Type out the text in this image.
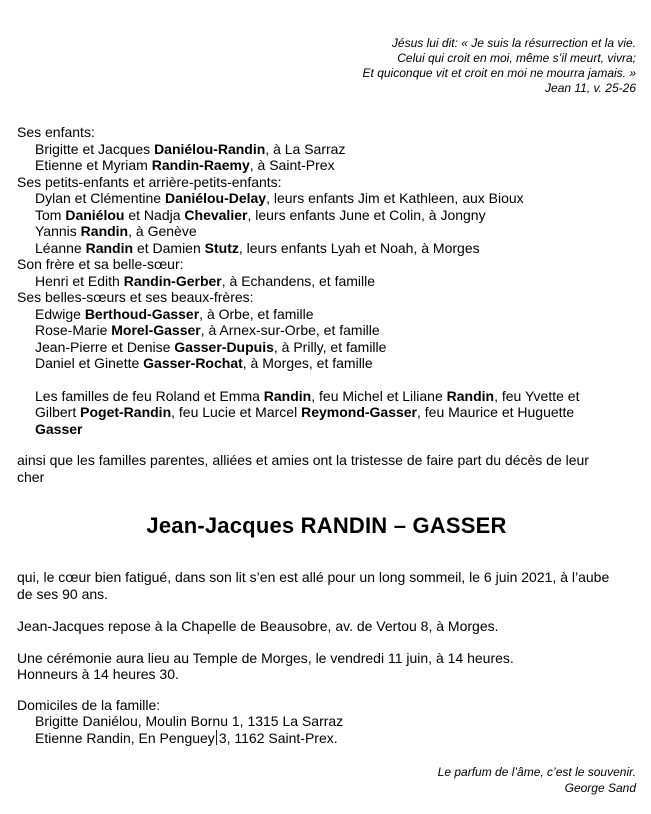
Jésus lui dit: « Je suis la résurrection et la vie.
Celui qui croit en moi, même s’il meurt, vivra;
Et quiconque vit et croit en moi ne mourra jamais. »
Jean 11, v. 25-26
Ses enfants:
Brigitte et Jacques Daniélou-Randin, à La Sarraz
Etienne et Myriam Randin-Raemy, à Saint-Prex
Ses petits-enfants et arrière-petits-enfants:
Dylan et Clémentine Daniélou-Delay, leurs enfants Jim et Kathleen, aux Bioux
Tom Daniélou et Nadja Chevalier, leurs enfants June et Colin, à Jongny
Yannis Randin, à Genève
Léanne Randin et Damien Stutz, leurs enfants Lyah et Noah, à Morges
Son frère et sa belle-sœur:
Henri et Edith Randin-Gerber, à Echandens, et famille
Ses belles-sœurs et ses beaux-frères:
Edwige Berthoud-Gasser, à Orbe, et famille
Rose-Marie Morel-Gasser, à Arnex-sur-Orbe, et famille
Jean-Pierre et Denise Gasser-Dupuis, à Prilly, et famille
Daniel et Ginette Gasser-Rochat, à Morges, et famille
Les familles de feu Roland et Emma Randin, feu Michel et Liliane Randin, feu Yvette et
Gilbert Poget-Randin, feu Lucie et Marcel Reymond-Gasser, feu Maurice et Huguette
Gasser
ainsi que les familles parentes, alliées et amies ont la tristesse de faire part du décès de leur
cher
Jean-Jacques RANDIN – GASSER
qui, le cœur bien fatigué, dans son lit s’en est allé pour un long sommeil, le 6 juin 2021, à l’aube
de ses 90 ans.
Jean-Jacques repose à la Chapelle de Beausobre, av. de Vertou 8, à Morges.
Une cérémonie aura lieu au Temple de Morges, le vendredi 11 juin, à 14 heures.
Honneurs à 14 heures 30.
Domiciles de la famille:
Brigitte Daniélou, Moulin Bornu 1, 1315 La Sarraz
Etienne Randin, En Penguey 3, 1162 Saint-Prex.
Le parfum de l’âme, c’est le souvenir.
George Sand
